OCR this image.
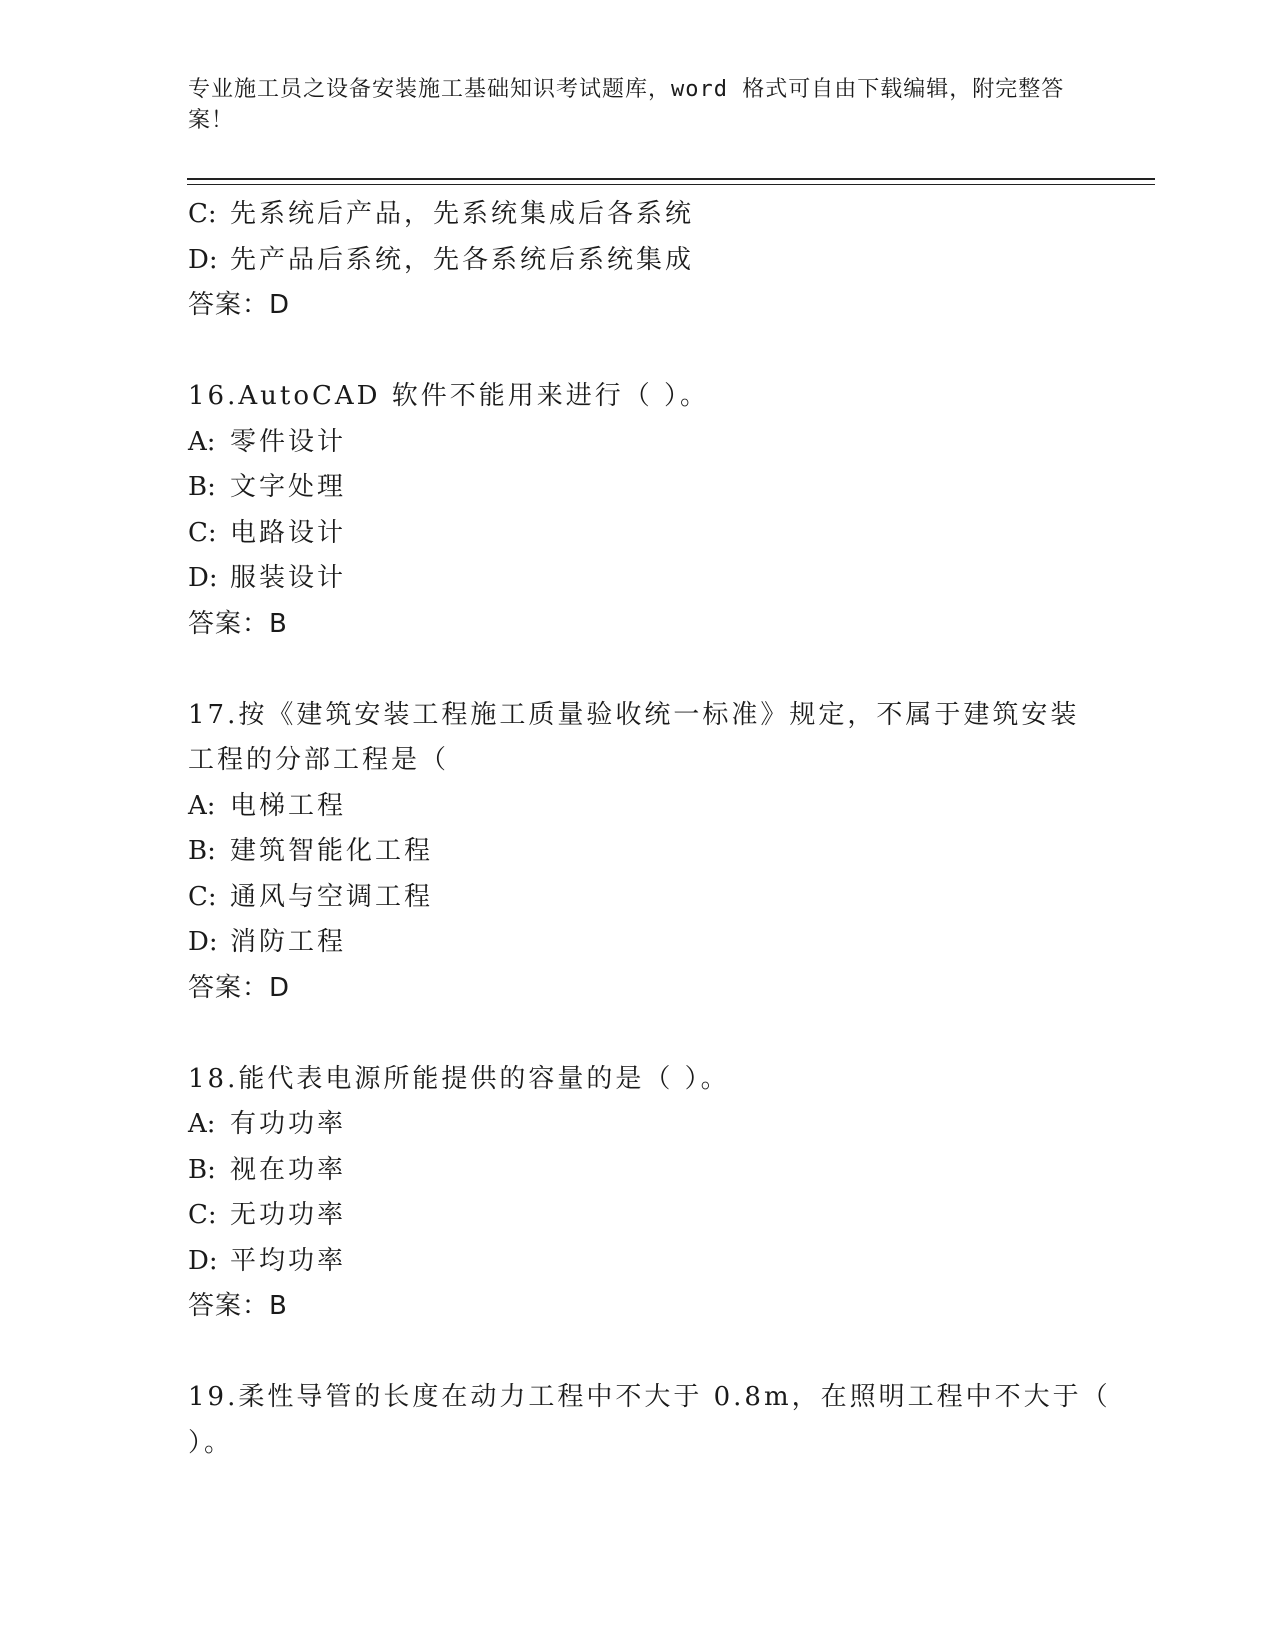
专业施工员之设备安装施工基础知识考试题库，word 格式可自由下载编辑，附完整答案！
C: 先系统后产品，先系统集成后各系统
D: 先产品后系统，先各系统后系统集成
答案：D
16.AutoCAD 软件不能用来进行（ ）。
A: 零件设计
B: 文字处理
C: 电路设计
D: 服装设计
答案：B
17.按《建筑安装工程施工质量验收统一标准》规定，不属于建筑安装
工程的分部工程是（
A: 电梯工程
B: 建筑智能化工程
C: 通风与空调工程
D: 消防工程
答案：D
18.能代表电源所能提供的容量的是（ ）。
A: 有功功率
B: 视在功率
C: 无功功率
D: 平均功率
答案：B
19.柔性导管的长度在动力工程中不大于 0.8m，在照明工程中不大于（
）。
